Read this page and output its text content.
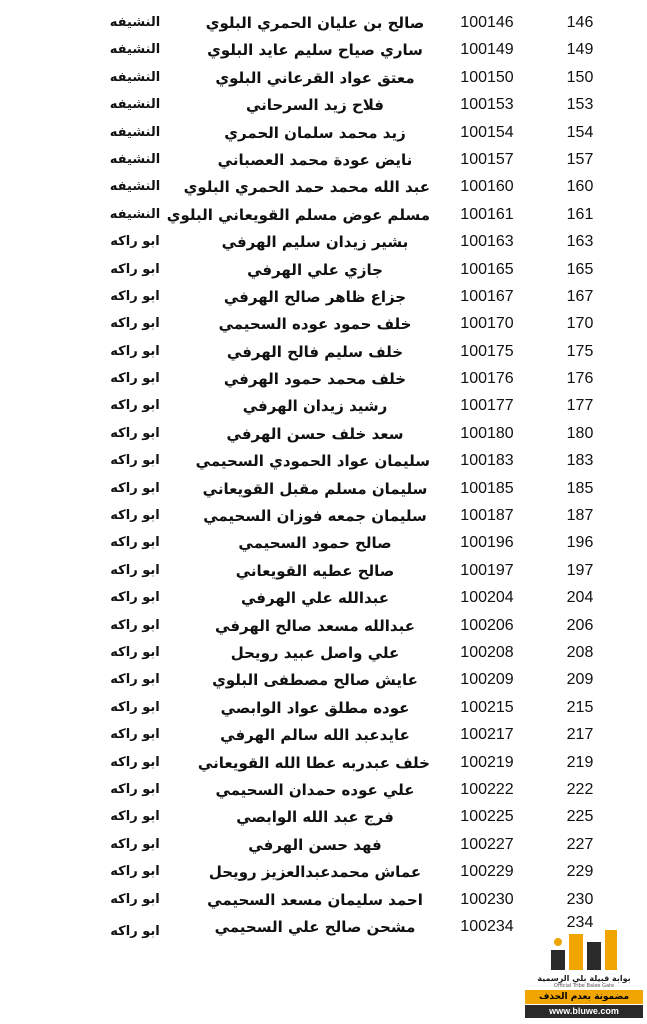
146
100146
صالح بن عليان الحمري البلوي
النشيفه
149
100149
ساري صياح سليم عايد البلوي
النشيفه
150
100150
معتق عواد القرعاني البلوي
النشيفه
153
100153
فلاح زيد السرحاني
النشيفه
154
100154
زيد محمد سلمان الحمري
النشيفه
157
100157
نايض عودة محمد العصباني
النشيفه
160
100160
عبد الله محمد حمد الحمري البلوي
النشيفه
161
100161
مسلم عوض مسلم القويعاني البلوي
النشيفه
163
100163
بشير زيدان سليم الهرفي
ابو راكه
165
100165
جازي علي الهرفي
ابو راكه
167
100167
جزاع ظاهر صالح الهرفي
ابو راكه
170
100170
خلف حمود عوده السحيمي
ابو راكه
175
100175
خلف سليم فالح الهرفي
ابو راكه
176
100176
خلف محمد حمود الهرفي
ابو راكه
177
100177
رشيد زيدان الهرفي
ابو راكه
180
100180
سعد خلف حسن الهرفي
ابو راكه
183
100183
سليمان عواد الحمودي السحيمي
ابو راكه
185
100185
سليمان مسلم مقبل القويعاني
ابو راكه
187
100187
سليمان جمعه فوزان السحيمي
ابو راكه
196
100196
صالح حمود السحيمي
ابو راكه
197
100197
صالح عطيه القويعاني
ابو راكه
204
100204
عبدالله علي الهرفي
ابو راكه
206
100206
عبدالله مسعد صالح الهرفي
ابو راكه
208
100208
علي واصل عبيد رويحل
ابو راكه
209
100209
عايش صالح مصطفى البلوي
ابو راكه
215
100215
عوده مطلق عواد الوابصي
ابو راكه
217
100217
عايدعبد الله سالم الهرفي
ابو راكه
219
100219
خلف عبدربه عطا الله القويعاني
ابو راكه
222
100222
علي عوده حمدان السحيمي
ابو راكه
225
100225
فرج عبد الله الوابصي
ابو راكه
227
100227
فهد حسن الهرفي
ابو راكه
229
100229
عماش محمدعبدالعزيز رويحل
ابو راكه
230
100230
احمد سليمان مسعد السحيمي
ابو راكه
234
100234
مشحن صالح علي السحيمي
ابو راكه
بوابة قبيلة بلي الرسمية
Official Tribe Balee Gate
مضمونة بعدم الحذف
www.bluwe.com
